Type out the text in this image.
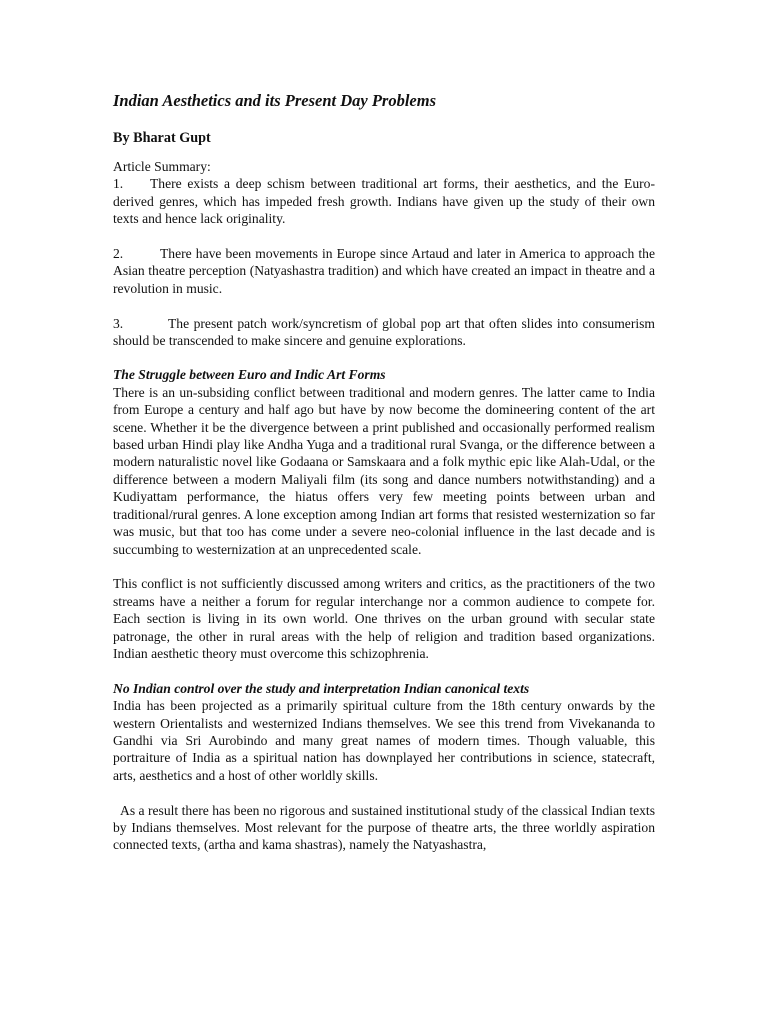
Indian Aesthetics and its Present Day Problems

By Bharat Gupt

Article Summary:

1. There exists a deep schism between traditional art forms, their aesthetics, and the Euro-derived genres, which has impeded fresh growth. Indians have given up the study of their own texts and hence lack originality.
2.	There have been movements in Europe since Artaud and later in America to approach the Asian theatre perception (Natyashastra tradition) and which have created an impact in theatre and a revolution in music.
3.	The present patch work/syncretism of global pop art that often slides into consumerism should be transcended to make sincere and genuine explorations.
The Struggle between Euro and Indic Art Forms

There is an un-subsiding conflict between traditional and modern genres. The latter came to India from Europe a century and half ago but have by now become the domineering content of the art scene. Whether it be the divergence between a print published and occasionally performed realism based urban Hindi play like Andha Yuga and a traditional rural Svanga, or the difference between a modern naturalistic novel like Godaana or Samskaara and a folk mythic epic like Alah-Udal, or the difference between a modern Maliyali film (its song and dance numbers notwithstanding) and a Kudiyattam performance, the hiatus offers very few meeting points between urban and traditional/rural genres. A lone exception among Indian art forms that resisted westernization so far was music, but that too has come under a severe neo-colonial influence in the last decade and is succumbing to westernization at an unprecedented scale.

This conflict is not sufficiently discussed among writers and critics, as the practitioners of the two streams have a neither a forum for regular interchange nor a common audience to compete for. Each section is living in its own world. One thrives on the urban ground with secular state patronage, the other in rural areas with the help of religion and tradition based organizations. Indian aesthetic theory must overcome this schizophrenia.

No Indian control over the study and interpretation Indian canonical texts

India has been projected as a primarily spiritual culture from the 18th century onwards by the western Orientalists and westernized Indians themselves. We see this trend from Vivekananda to Gandhi via Sri Aurobindo and many great names of modern times. Though valuable, this portraiture of India as a spiritual nation has downplayed her contributions in science, statecraft, arts, aesthetics and a host of other worldly skills.

As a result there has been no rigorous and sustained institutional study of the classical Indian texts by Indians themselves. Most relevant for the purpose of theatre arts, the three worldly aspiration connected texts, (artha and kama shastras), namely the Natyashastra,
